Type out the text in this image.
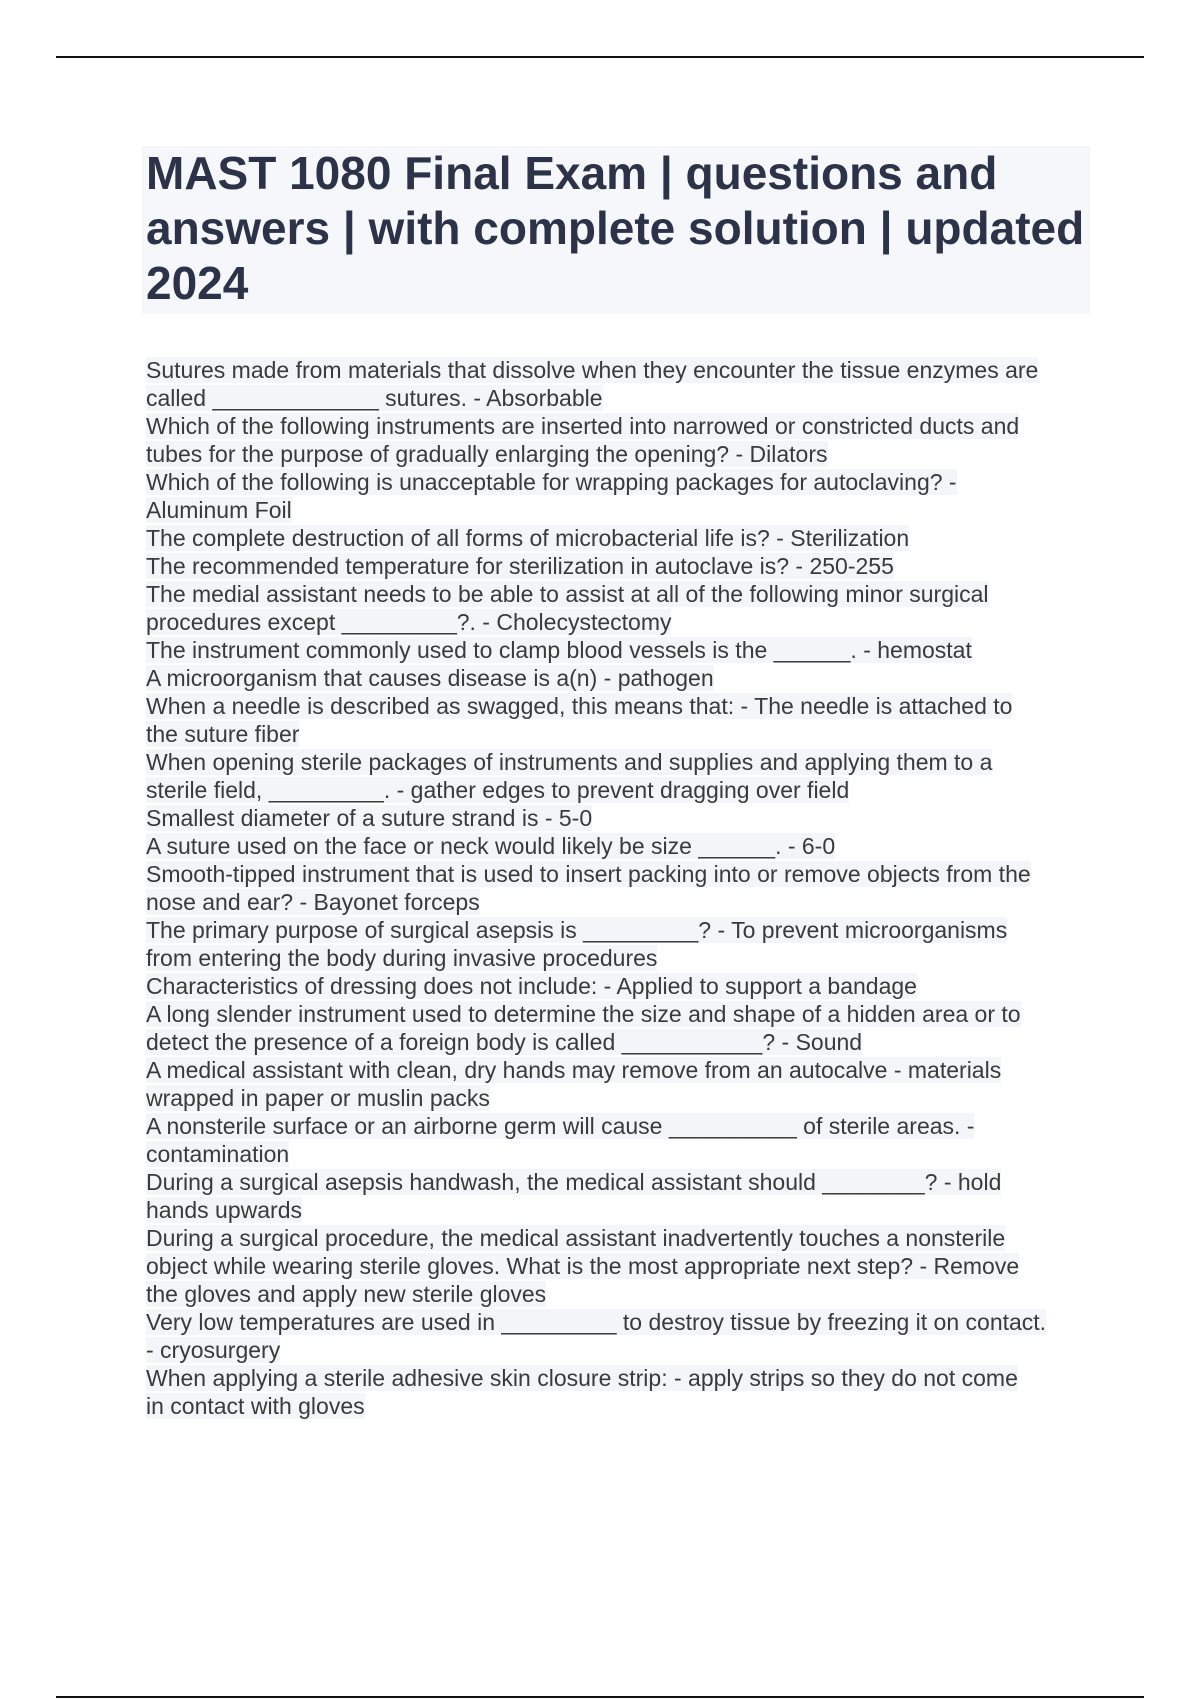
MAST 1080 Final Exam | questions and answers | with complete solution | updated 2024
Sutures made from materials that dissolve when they encounter the tissue enzymes are
called _____________ sutures. - Absorbable
Which of the following instruments are inserted into narrowed or constricted ducts and
tubes for the purpose of gradually enlarging the opening? - Dilators
Which of the following is unacceptable for wrapping packages for autoclaving? -
Aluminum Foil
The complete destruction of all forms of microbacterial life is? - Sterilization
The recommended temperature for sterilization in autoclave is? - 250-255
The medial assistant needs to be able to assist at all of the following minor surgical
procedures except _________?. - Cholecystectomy
The instrument commonly used to clamp blood vessels is the ______. - hemostat
A microorganism that causes disease is a(n) - pathogen
When a needle is described as swagged, this means that: - The needle is attached to
the suture fiber
When opening sterile packages of instruments and supplies and applying them to a
sterile field, _________. - gather edges to prevent dragging over field
Smallest diameter of a suture strand is - 5-0
A suture used on the face or neck would likely be size ______. - 6-0
Smooth-tipped instrument that is used to insert packing into or remove objects from the
nose and ear? - Bayonet forceps
The primary purpose of surgical asepsis is _________? - To prevent microorganisms
from entering the body during invasive procedures
Characteristics of dressing does not include: - Applied to support a bandage
A long slender instrument used to determine the size and shape of a hidden area or to
detect the presence of a foreign body is called ___________? - Sound
A medical assistant with clean, dry hands may remove from an autocalve - materials
wrapped in paper or muslin packs
A nonsterile surface or an airborne germ will cause __________ of sterile areas. -
contamination
During a surgical asepsis handwash, the medical assistant should ________? - hold
hands upwards
During a surgical procedure, the medical assistant inadvertently touches a nonsterile
object while wearing sterile gloves. What is the most appropriate next step? - Remove
the gloves and apply new sterile gloves
Very low temperatures are used in _________ to destroy tissue by freezing it on contact.
- cryosurgery
When applying a sterile adhesive skin closure strip: - apply strips so they do not come
in contact with gloves
